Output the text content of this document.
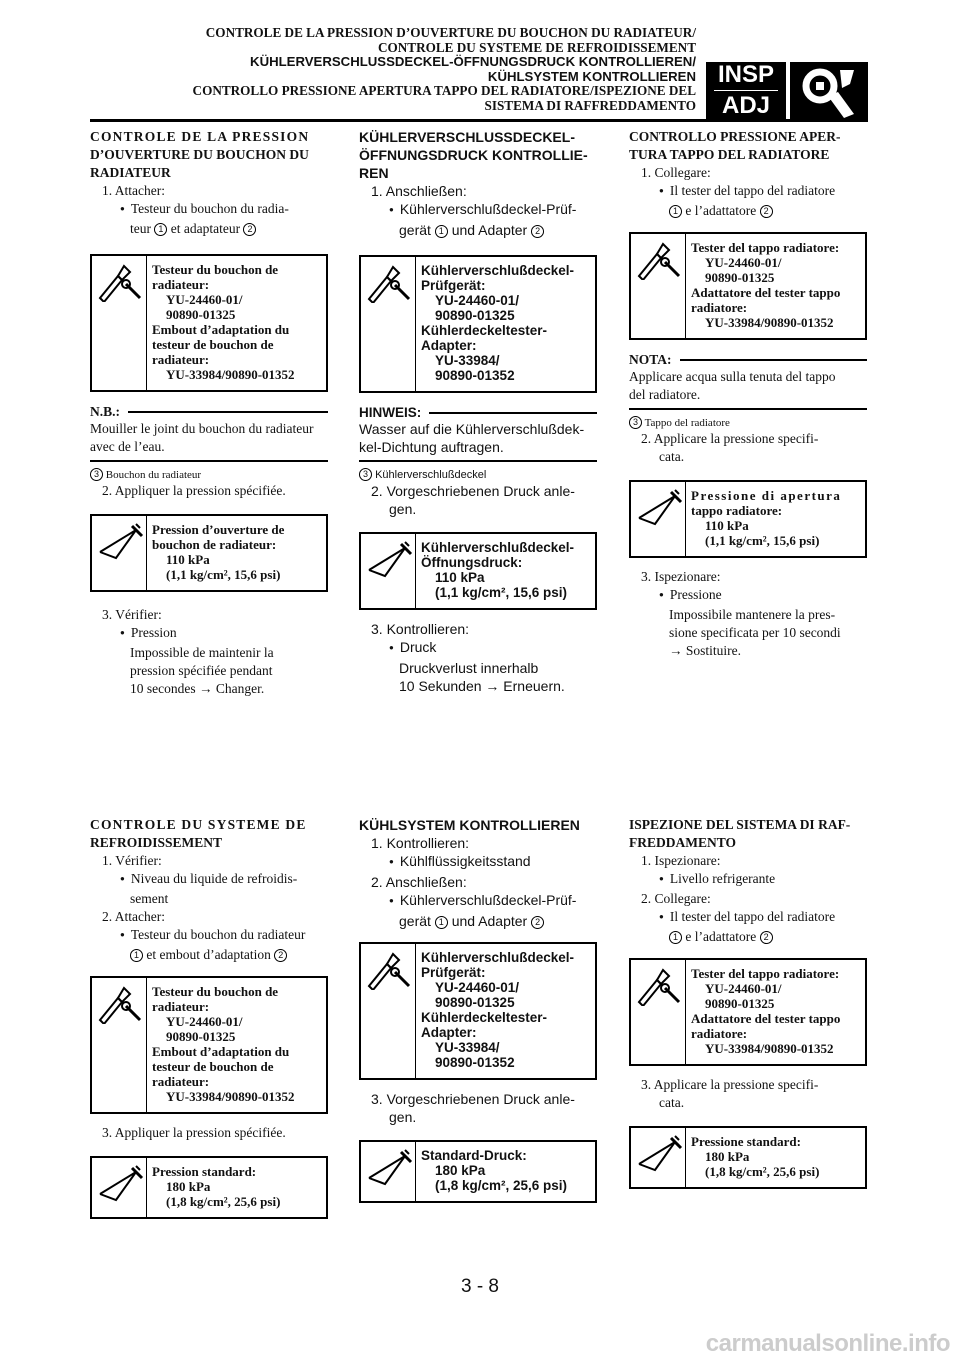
CONTROLE DE LA PRESSION D’OUVERTURE DU BOUCHON DU RADIATEUR/
CONTROLE DU SYSTEME DE REFROIDISSEMENT
KÜHLERVERSCHLUSSDECKEL-ÖFFNUNGSDRUCK KONTROLLIEREN/
KÜHLSYSTEM KONTROLLIEREN
CONTROLLO PRESSIONE APERTURA TAPPO DEL RADIATORE/ISPEZIONE DEL
SISTEMA DI RAFFREDDAMENTO
INSP
ADJ
CONTROLE DE LA PRESSION
D’OUVERTURE DU BOUCHON DU
RADIATEUR

1. Attacher:

● Testeur du bouchon du radia-

teur 1 et adaptateur 2

Testeur du bouchon de
radiateur:
YU-24460-01/
90890-01325
Embout d’adaptation du
testeur de bouchon de
radiateur:
YU-33984/90890-01352
N.B.:

Mouiller le joint du bouchon du radiateur

avec de l’eau.

3 Bouchon du radiateur

2. Appliquer la pression spécifiée.

Pression d’ouverture de
bouchon de radiateur:
110 kPa
(1,1 kg/cm², 15,6 psi)

3. Vérifier:

● Pression

Impossible de maintenir la

pression spécifiée pendant

10 secondes → Changer.

KÜHLERVERSCHLUSSDECKEL-
ÖFFNUNGSDRUCK KONTROLLIE-
REN

1. Anschließen:

● Kühlerverschlußdeckel-Prüf-

gerät 1 und Adapter 2

Kühlerverschlußdeckel-
Prüfgerät:
YU-24460-01/
90890-01325
Kühlerdeckeltester-
Adapter:
YU-33984/
90890-01352
HINWEIS:

Wasser auf die Kühlerverschlußdek-

kel-Dichtung auftragen.

3 Kühlerverschlußdeckel

2. Vorgeschriebenen Druck anle-

gen.

Kühlerverschlußdeckel-
Öffnungsdruck:
110 kPa
(1,1 kg/cm², 15,6 psi)

3. Kontrollieren:

● Druck

Druckverlust innerhalb

10 Sekunden → Erneuern.

CONTROLLO PRESSIONE APER-
TURA TAPPO DEL RADIATORE

1. Collegare:

● Il tester del tappo del radiatore

1 e l’adattatore 2

Tester del tappo radiatore:
YU-24460-01/
90890-01325
Adattatore del tester tappo
radiatore:
YU-33984/90890-01352
NOTA:

Applicare acqua sulla tenuta del tappo

del radiatore.

3 Tappo del radiatore

2. Applicare la pressione specifi-

cata.

Pressione di apertura
tappo radiatore:
110 kPa
(1,1 kg/cm², 15,6 psi)

3. Ispezionare:

● Pressione

Impossibile mantenere la pres-

sione specificata per 10 secondi

→ Sostituire.

CONTROLE DU SYSTEME DE
REFROIDISSEMENT

1. Vérifier:

● Niveau du liquide de refroidis-

sement

2. Attacher:

● Testeur du bouchon du radiateur

1 et embout d’adaptation 2

Testeur du bouchon de
radiateur:
YU-24460-01/
90890-01325
Embout d’adaptation du
testeur de bouchon de
radiateur:
YU-33984/90890-01352

3. Appliquer la pression spécifiée.

Pression standard:
180 kPa
(1,8 kg/cm², 25,6 psi)
KÜHLSYSTEM KONTROLLIEREN

1. Kontrollieren:

● Kühlflüssigkeitsstand

2. Anschließen:

● Kühlerverschlußdeckel-Prüf-

gerät 1 und Adapter 2

Kühlerverschlußdeckel-
Prüfgerät:
YU-24460-01/
90890-01325
Kühlerdeckeltester-
Adapter:
YU-33984/
90890-01352

3. Vorgeschriebenen Druck anle-

gen.

Standard-Druck:
180 kPa
(1,8 kg/cm², 25,6 psi)
ISPEZIONE DEL SISTEMA DI RAF-
FREDDAMENTO

1. Ispezionare:

● Livello refrigerante

2. Collegare:

● Il tester del tappo del radiatore

1 e l’adattatore 2

Tester del tappo radiatore:
YU-24460-01/
90890-01325
Adattatore del tester tappo
radiatore:
YU-33984/90890-01352

3. Applicare la pressione specifi-

cata.

Pressione standard:
180 kPa
(1,8 kg/cm², 25,6 psi)
3 - 8
carmanualsonline.info
